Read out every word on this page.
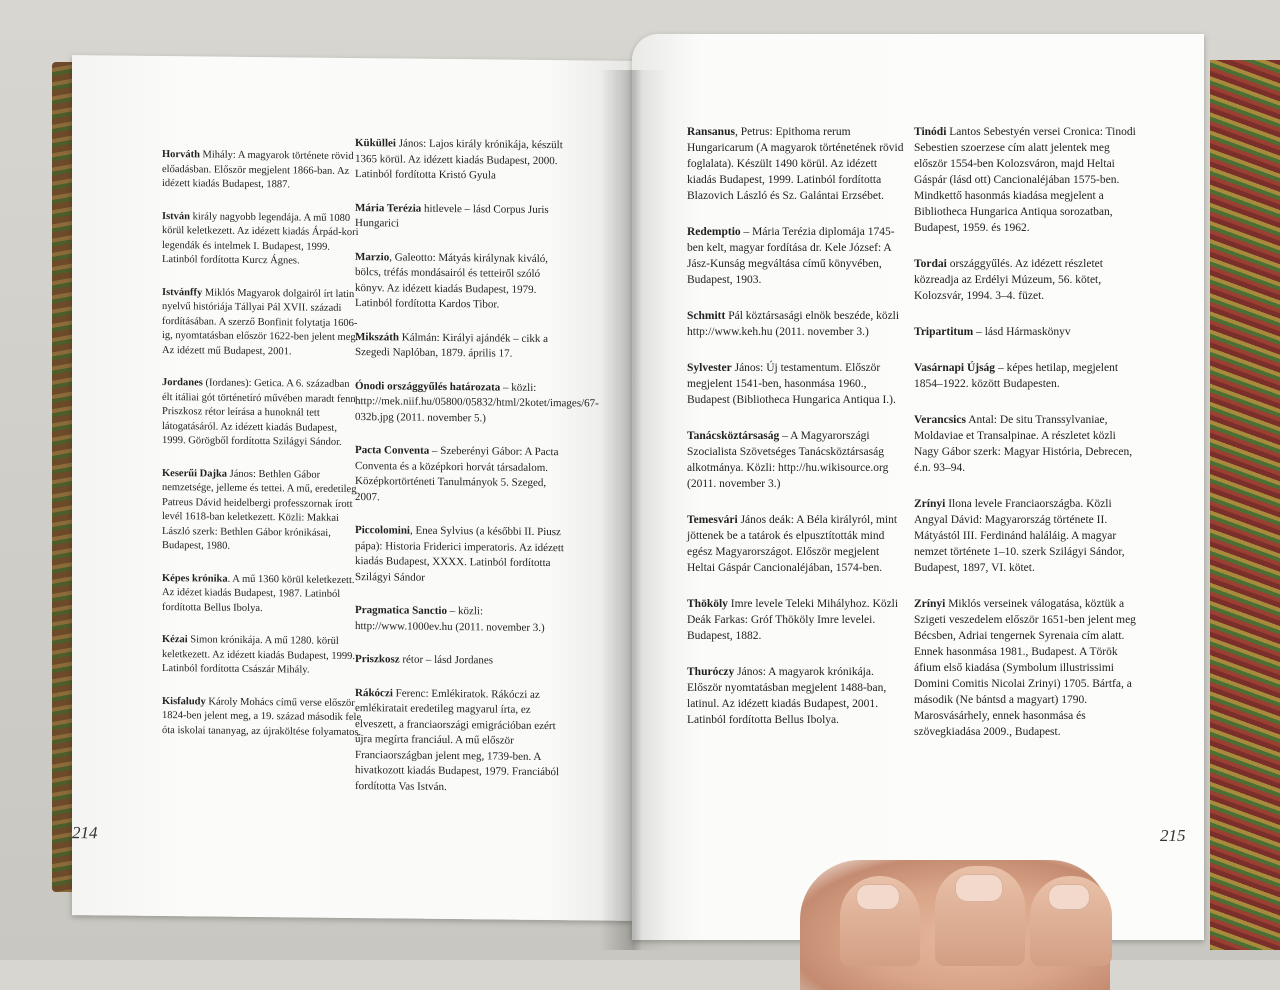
Horváth Mihály: A magyarok története rövid előadásban. Először megjelent 1866-ban. Az idézett kiadás Budapest, 1887.
István király nagyobb legendája. A mű 1080 körül keletkezett. Az idézett kiadás Árpád-kori legendák és intelmek I. Budapest, 1999. Latinból fordította Kurcz Ágnes.
Istvánffy Miklós Magyarok dolgairól írt latin nyelvű históriája Tállyai Pál XVII. századi fordításában. A szerző Bonfinit folytatja 1606-ig, nyomtatásban először 1622-ben jelent meg. Az idézett mű Budapest, 2001.
Jordanes (Iordanes): Getica. A 6. században élt itáliai gót történetíró művében maradt fenn Priszkosz rétor leírása a hunoknál tett látogatásáról. Az idézett kiadás Budapest, 1999. Görögből fordította Szilágyi Sándor.
Keserűi Dajka János: Bethlen Gábor nemzetsége, jelleme és tettei. A mű, eredetileg Patreus Dávid heidelbergi professzornak írott levél 1618-ban keletkezett. Közli: Makkai László szerk: Bethlen Gábor krónikásai, Budapest, 1980.
Képes krónika. A mű 1360 körül keletkezett. Az idézet kiadás Budapest, 1987. Latinból fordította Bellus Ibolya.
Kézai Simon krónikája. A mű 1280. körül keletkezett. Az idézett kiadás Budapest, 1999. Latinból fordította Császár Mihály.
Kisfaludy Károly Mohács című verse először 1824-ben jelent meg, a 19. század második fele óta iskolai tananyag, az újraköltése folyamatos.
Küküllei János: Lajos király krónikája, készült 1365 körül. Az idézett kiadás Budapest, 2000. Latinból fordította Kristó Gyula
Mária Terézia hitlevele – lásd Corpus Juris Hungarici
Marzio, Galeotto: Mátyás királynak kiváló, bölcs, tréfás mondásairól és tetteiről szóló könyv. Az idézett kiadás Budapest, 1979. Latinból fordította Kardos Tibor.
Mikszáth Kálmán: Királyi ajándék – cikk a Szegedi Naplóban, 1879. április 17.
Ónodi országgyűlés határozata – közli: http://mek.niif.hu/05800/05832/html/2kotet/images/67-032b.jpg (2011. november 5.)
Pacta Conventa – Szeberényi Gábor: A Pacta Conventa és a középkori horvát társadalom. Középkortörténeti Tanulmányok 5. Szeged, 2007.
Piccolomini, Enea Sylvius (a későbbi II. Piusz pápa): Historia Friderici imperatoris. Az idézett kiadás Budapest, XXXX. Latinból fordította Szilágyi Sándor
Pragmatica Sanctio – közli: http://www.1000ev.hu (2011. november 3.)
Priszkosz rétor – lásd Jordanes
Rákóczi Ferenc: Emlékiratok. Rákóczi az emlékiratait eredetileg magyarul írta, ez elveszett, a franciaországi emigrációban ezért újra megírta franciául. A mű először Franciaországban jelent meg, 1739-ben. A hivatkozott kiadás Budapest, 1979. Franciából fordította Vas István.
214
Ransanus, Petrus: Epithoma rerum Hungaricarum (A magyarok történetének rövid foglalata). Készült 1490 körül. Az idézett kiadás Budapest, 1999. Latinból fordította Blazovich László és Sz. Galántai Erzsébet.
Redemptio – Mária Terézia diplomája 1745-ben kelt, magyar fordítása dr. Kele József: A Jász-Kunság megváltása című könyvében, Budapest, 1903.
Schmitt Pál köztársasági elnök beszéde, közli http://www.keh.hu (2011. november 3.)
Sylvester János: Új testamentum. Először megjelent 1541-ben, hasonmása 1960., Budapest (Bibliotheca Hungarica Antiqua I.).
Tanácsköztársaság – A Magyarországi Szocialista Szövetséges Tanácsköztársaság alkotmánya. Közli: http://hu.wikisource.org (2011. november 3.)
Temesvári János deák: A Béla királyról, mint jöttenek be a tatárok és elpusztították mind egész Magyarországot. Először megjelent Heltai Gáspár Cancionaléjában, 1574-ben.
Thököly Imre levele Teleki Mihályhoz. Közli Deák Farkas: Gróf Thököly Imre levelei. Budapest, 1882.
Thuróczy János: A magyarok krónikája. Először nyomtatásban megjelent 1488-ban, latinul. Az idézett kiadás Budapest, 2001. Latinból fordította Bellus Ibolya.
Tinódi Lantos Sebestyén versei Cronica: Tinodi Sebestien szoerzese cím alatt jelentek meg először 1554-ben Kolozsváron, majd Heltai Gáspár (lásd ott) Cancionaléjában 1575-ben. Mindkettő hasonmás kiadása megjelent a Bibliotheca Hungarica Antiqua sorozatban, Budapest, 1959. és 1962.
Tordai országgyűlés. Az idézett részletet közreadja az Erdélyi Múzeum, 56. kötet, Kolozsvár, 1994. 3–4. füzet.
Tripartitum – lásd Hármaskönyv
Vasárnapi Újság – képes hetilap, megjelent 1854–1922. között Budapesten.
Verancsics Antal: De situ Transsylvaniae, Moldaviae et Transalpinae. A részletet közli Nagy Gábor szerk: Magyar História, Debrecen, é.n. 93–94.
Zrínyi Ilona levele Franciaországba. Közli Angyal Dávid: Magyarország története II. Mátyástól III. Ferdinánd haláláig. A magyar nemzet története 1–10. szerk Szilágyi Sándor, Budapest, 1897, VI. kötet.
Zrínyi Miklós verseinek válogatása, köztük a Szigeti veszedelem először 1651-ben jelent meg Bécsben, Adriai tengernek Syrenaia cím alatt. Ennek hasonmása 1981., Budapest. A Török áfium első kiadása (Symbolum illustrissimi Domini Comitis Nicolai Zrinyi) 1705. Bártfa, a második (Ne bántsd a magyart) 1790. Marosvásárhely, ennek hasonmása és szövegkiadása 2009., Budapest.
215
